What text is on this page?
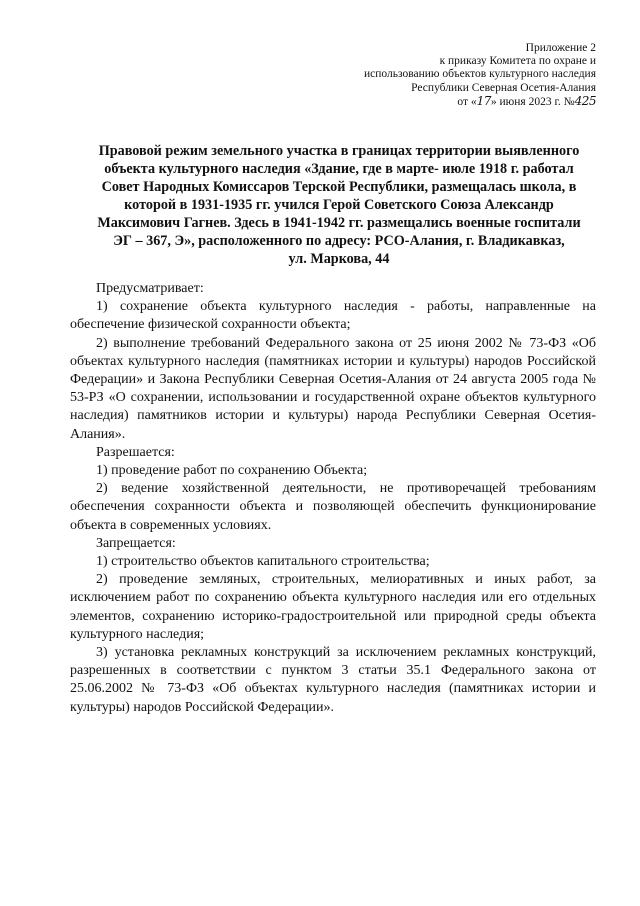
Приложение 2
к приказу Комитета по охране и
использованию объектов культурного наследия
Республики Северная Осетия-Алания
от «17» июня 2023 г. №425
Правовой режим земельного участка в границах территории выявленного
объекта культурного наследия «Здание, где в марте- июле 1918 г. работал
Совет Народных Комиссаров Терской Республики, размещалась школа, в
которой в 1931-1935 гг. учился Герой Советского Союза Александр
Максимович Гагнев. Здесь в 1941-1942 гг. размещались военные госпитали
ЭГ – 367, Э», расположенного по адресу: РСО-Алания, г. Владикавказ,
ул. Маркова, 44

Предусматривает:

1) сохранение объекта культурного наследия - работы, направленные на обеспечение физической сохранности объекта;

2) выполнение требований Федерального закона от 25 июня 2002 № 73-ФЗ «Об объектах культурного наследия (памятниках истории и культуры) народов Российской Федерации» и Закона Республики Северная Осетия-Алания от 24 августа 2005 года № 53-РЗ «О сохранении, использовании и государственной охране объектов культурного наследия) памятников истории и культуры) народа Республики Северная Осетия-Алания».

Разрешается:

1) проведение работ по сохранению Объекта;

2) ведение хозяйственной деятельности, не противоречащей требованиям обеспечения сохранности объекта и позволяющей обеспечить функционирование объекта в современных условиях.

Запрещается:

1) строительство объектов капитального строительства;

2) проведение земляных, строительных, мелиоративных и иных работ, за исключением работ по сохранению объекта культурного наследия или его отдельных элементов, сохранению историко-градостроительной или природной среды объекта культурного наследия;

3) установка рекламных конструкций за исключением рекламных конструкций, разрешенных в соответствии с пунктом 3 статьи 35.1 Федерального закона от 25.06.2002 № 73-ФЗ «Об объектах культурного наследия (памятниках истории и культуры) народов Российской Федерации».
